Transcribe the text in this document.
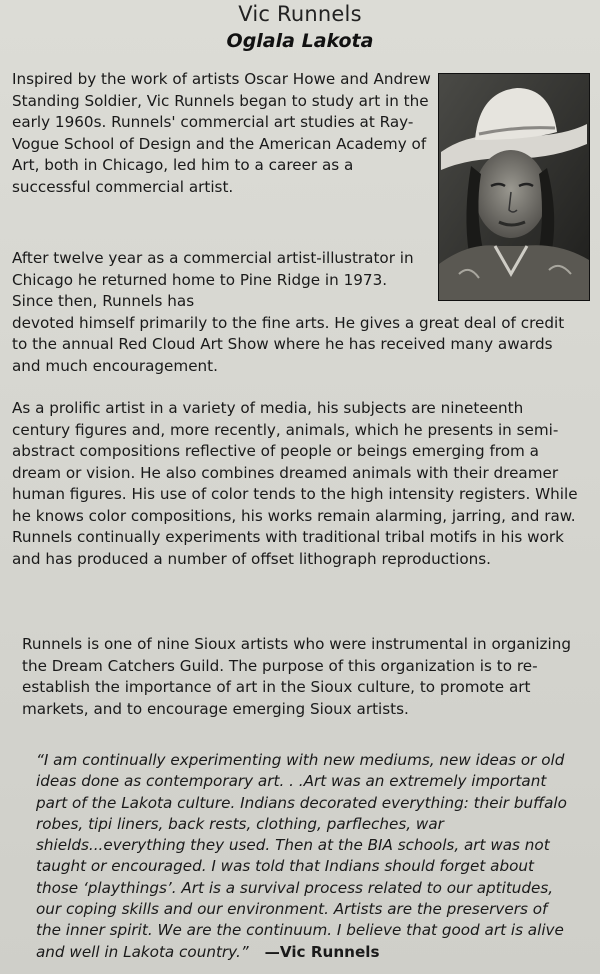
Vic Runnels
Oglala Lakota

Inspired by the work of artists Oscar Howe and Andrew Standing Soldier, Vic Runnels began to study art in the early 1960s. Runnels' commercial art studies at Ray-Vogue School of Design and the American Academy of Art, both in Chicago, led him to a career as a successful commercial artist.

After twelve year as a commercial artist-illustrator in Chicago he returned home to Pine Ridge in 1973. Since then, Runnels has
devoted himself primarily to the fine arts. He gives a great deal of credit to the annual Red Cloud Art Show where he has received many awards and much encouragement.

As a prolific artist in a variety of media, his subjects are nineteenth century figures and, more recently, animals, which he presents in semi-abstract compositions reflective of people or beings emerging from a dream or vision. He also combines dreamed animals with their dreamer human figures. His use of color tends to the high intensity registers. While he knows color compositions, his works remain alarming, jarring, and raw. Runnels continually experiments with traditional tribal motifs in his work and has produced a number of offset lithograph reproductions.

Runnels is one of nine Sioux artists who were instrumental in organizing the Dream Catchers Guild. The purpose of this organization is to re-establish the importance of art in the Sioux culture, to promote art markets, and to encourage emerging Sioux artists.

“I am continually experimenting with new mediums, new ideas or old ideas done as contemporary art. . .Art was an extremely important part of the Lakota culture. Indians decorated everything: their buffalo robes, tipi liners, back rests, clothing, parfleches, war shields...everything they used. Then at the BIA schools, art was not taught or encouraged. I was told that Indians should forget about those ‘playthings’. Art is a survival process related to our aptitudes, our coping skills and our environment. Artists are the preservers of the inner spirit. We are the continuum. I believe that good art is alive and well in Lakota country.” —Vic Runnels
